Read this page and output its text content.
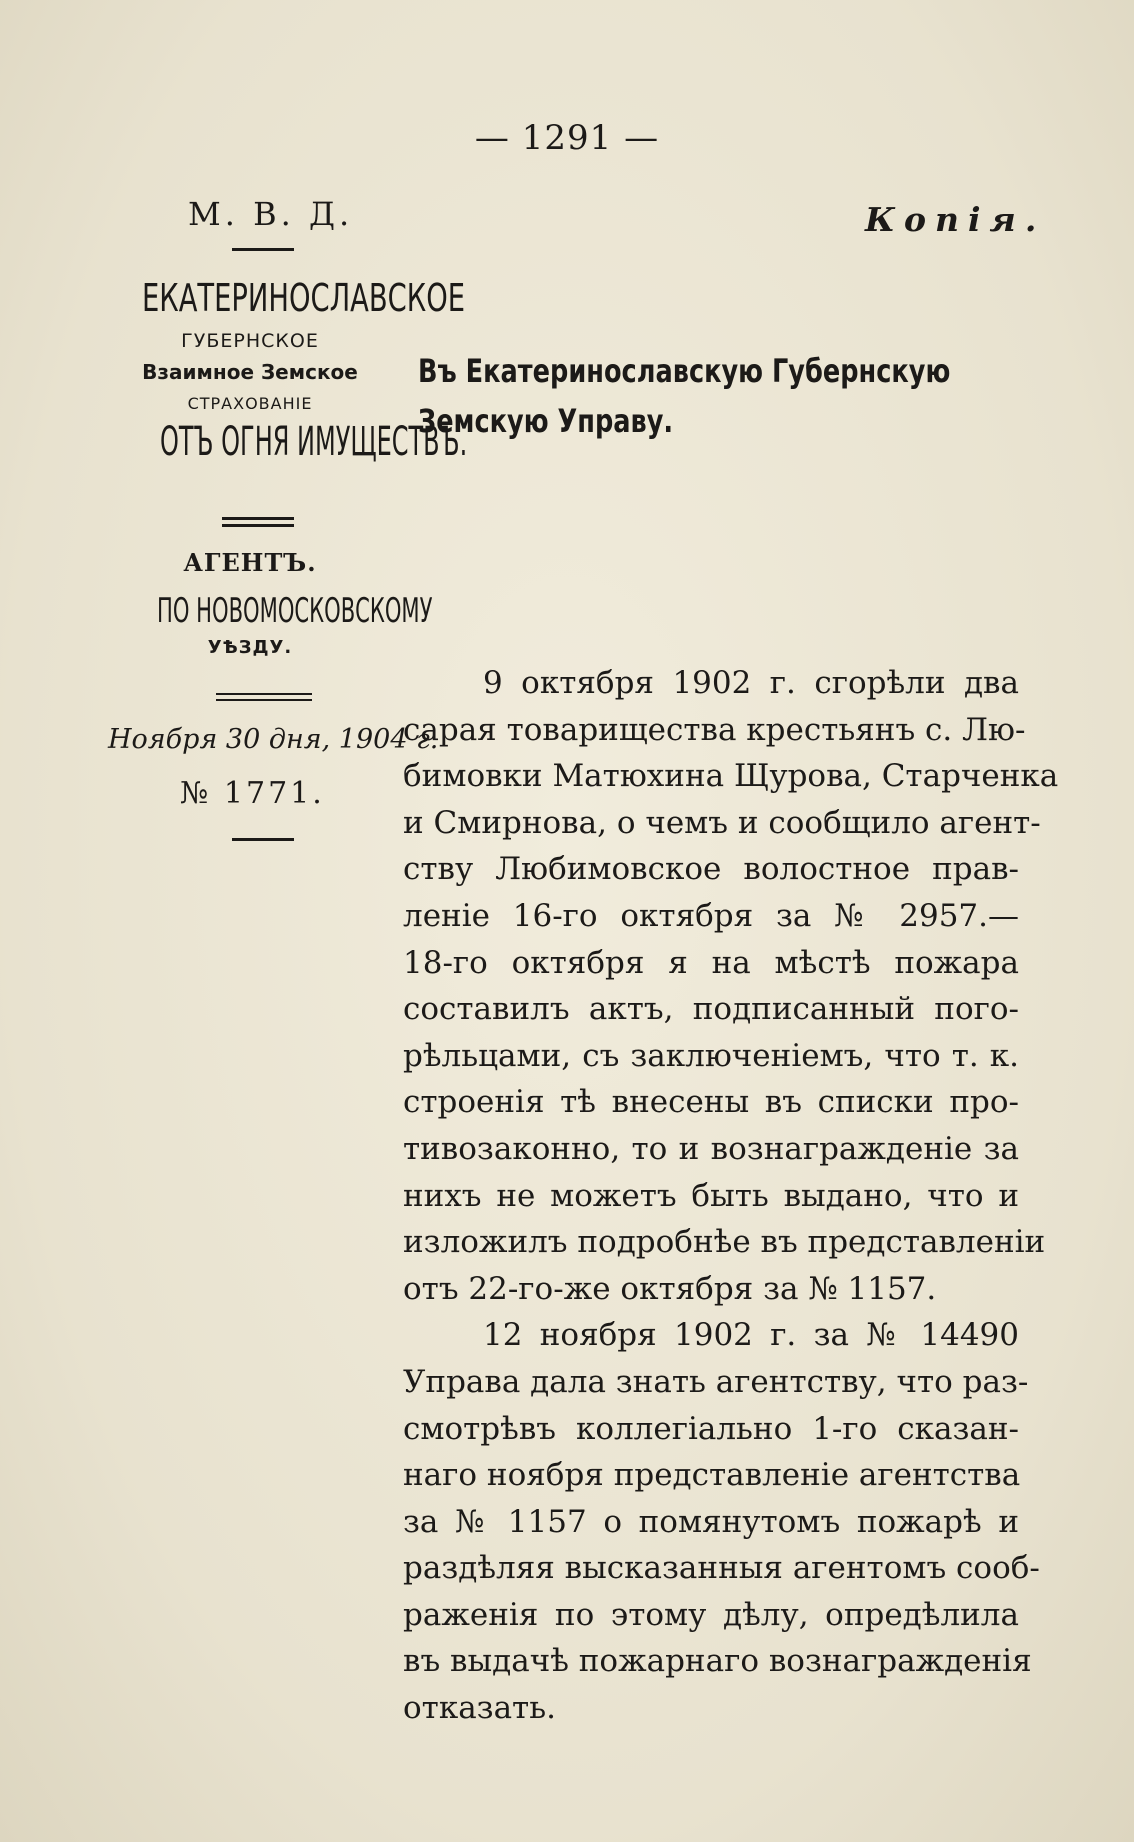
— 1291 —
М. В. Д.	Копія.
ЕКАТЕРИНОСЛАВСКОЕ
ГУБЕРНСКОЕ
Взаимное Земское
СТРАХОВАНІЕ
ОТЪ ОГНЯ ИМУЩЕСТВЪ.
АГЕНТЪ.
ПО НОВОМОСКОВСКОМУ
УѢЗДУ.
Ноября 30 дня, 1904 г.
№ 1771.
Въ Екатеринославскую Губернскую
Земскую Управу.
9 октября 1902 г. сгорѣли два
сарая товарищества крестьянъ с. Лю-
бимовки Матюхина Щурова, Старченка
и Смирнова, о чемъ и сообщило агент-
ству Любимовское волостное прав-
леніе 16-го октября за № 2957.—
18-го октября я на мѣстѣ пожара
составилъ актъ, подписанный пого-
рѣльцами, съ заключеніемъ, что т. к.
строенія тѣ внесены въ списки про-
тивозаконно, то и вознагражденіе за
нихъ не можетъ быть выдано, что и
изложилъ подробнѣе въ представленіи
отъ 22-го-же октября за № 1157.
12 ноября 1902 г. за № 14490
Управа дала знать агентству, что раз-
смотрѣвъ коллегіально 1-го сказан-
наго ноября представленіе агентства
за № 1157 о помянутомъ пожарѣ и
раздѣляя высказанныя агентомъ сооб-
раженія по этому дѣлу, опредѣлила
въ выдачѣ пожарнаго вознагражденія
отказать.
